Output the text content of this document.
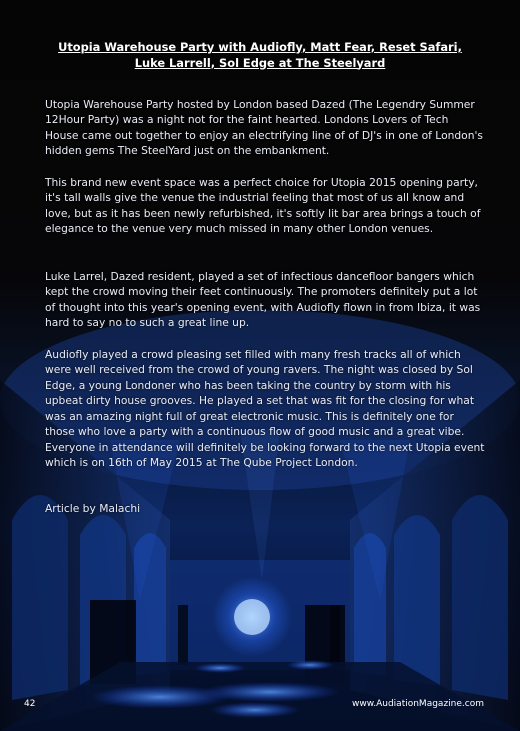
Utopia Warehouse Party with Audiofly, Matt Fear, Reset Safari,
Luke Larrell, Sol Edge at The Steelyard

Utopia Warehouse Party hosted by London based Dazed (The Legendry Summer 12Hour Party) was a night not for the faint hearted. Londons Lovers of Tech House came out together to enjoy an electrifying line of of DJ's in one of London's hidden gems The SteelYard just on the embankment.

This brand new event space was a perfect choice for Utopia 2015 opening party, it's tall walls give the venue the industrial feeling that most of us all know and love, but as it has been newly refurbished, it's softly lit bar area brings a touch of elegance to the venue very much missed in many other London venues.

Luke Larrel, Dazed resident, played a set of infectious dancefloor bangers which kept the crowd moving their feet continuously. The promoters definitely put a lot of thought into this year's opening event, with Audiofly flown in from Ibiza, it was hard to say no to such a great line up.

Audiofly played a crowd pleasing set filled with many fresh tracks all of which were well received from the crowd of young ravers. The night was closed by Sol Edge, a young Londoner who has been taking the country by storm with his upbeat dirty house grooves. He played a set that was fit for the closing for what was an amazing night full of great electronic music. This is definitely one for those who love a party with a continuous flow of good music and a great vibe. Everyone in attendance will definitely be looking forward to the next Utopia event which is on 16th of May 2015 at The Qube Project London.

Article by Malachi

42	www.AudiationMagazine.com
